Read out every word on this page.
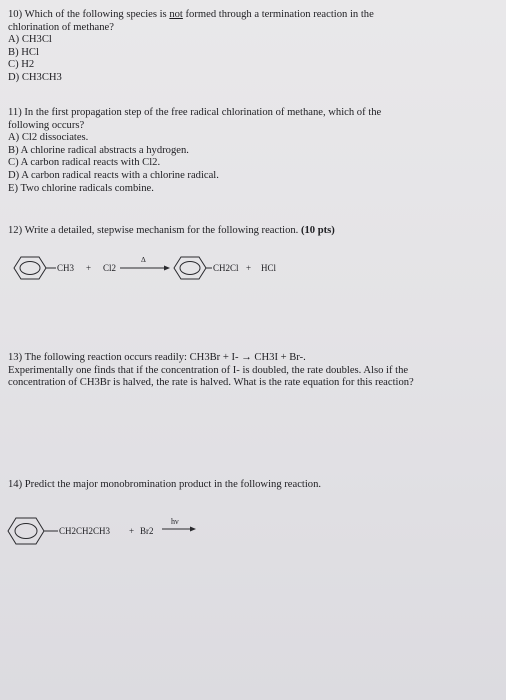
10) Which of the following species is not formed through a termination reaction in the
chlorination of methane?
A) CH3Cl
B) HCl
C) H2
D) CH3CH3
11) In the first propagation step of the free radical chlorination of methane, which of the
following occurs?
A) Cl2 dissociates.
B) A chlorine radical abstracts a hydrogen.
C) A carbon radical reacts with Cl2.
D) A carbon radical reacts with a chlorine radical.
E) Two chlorine radicals combine.
12) Write a detailed, stepwise mechanism for the following reaction. (10 pts)
CH3 + Cl2
Δ
CH2Cl + HCl
13) The following reaction occurs readily: CH3Br + I- → CH3I + Br-.
Experimentally one finds that if the concentration of I- is doubled, the rate doubles. Also if the
concentration of CH3Br is halved, the rate is halved. What is the rate equation for this reaction?
14) Predict the major monobromination product in the following reaction.
CH2CH2CH3 + Br2
hν
